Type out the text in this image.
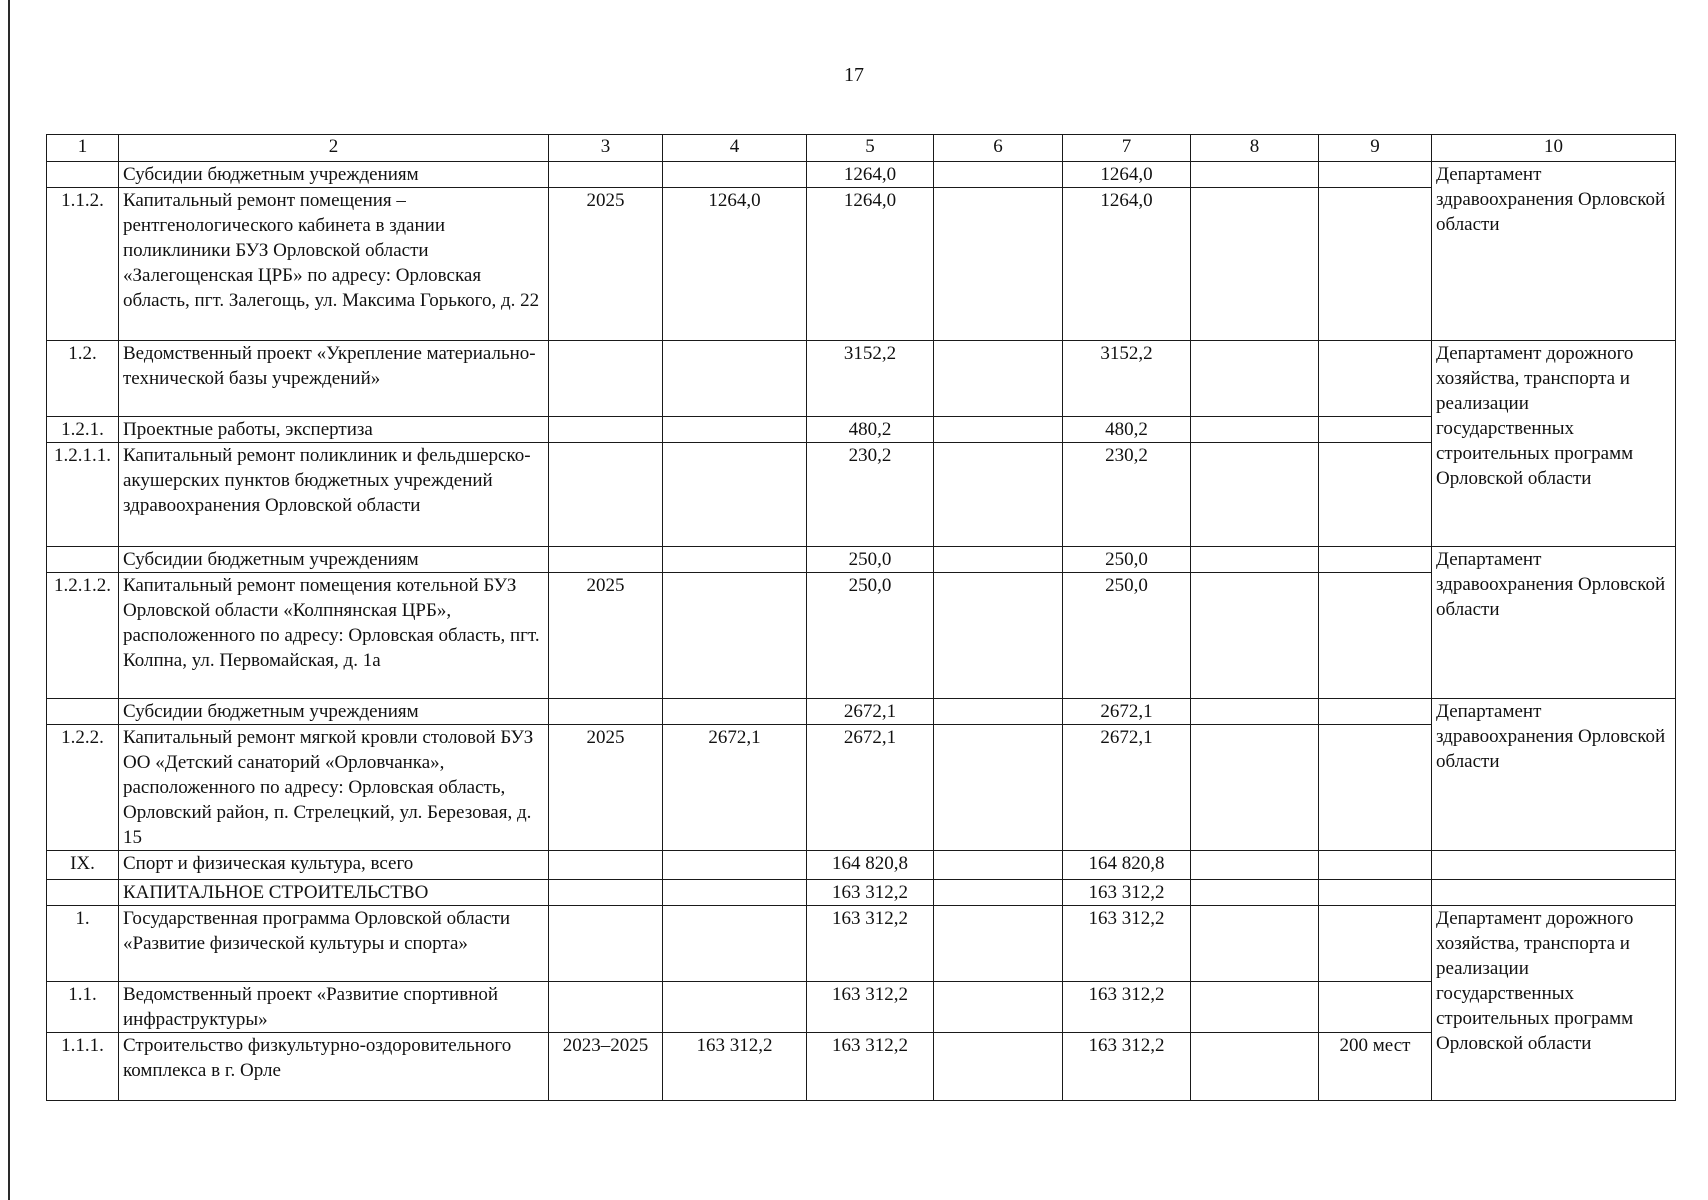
17
1	2	3	4	5	6	7	8	9	10
	Субсидии бюджетным учреждениям			1264,0		1264,0			Департамент здравоохранения Орловской области
1.1.2.	Капитальный ремонт помещения – рентгенологического кабинета в здании поликлиники БУЗ Орловской области «Залегощенская ЦРБ» по адресу: Орловская область, пгт. Залегощь, ул. Максима Горького, д. 22	2025	1264,0	1264,0		1264,0			
1.2.	Ведомственный проект «Укрепление материально-технической базы учреждений»			3152,2		3152,2			Департамент дорожного хозяйства, транспорта и реализации государственных строительных программ Орловской области
1.2.1.	Проектные работы, экспертиза			480,2		480,2			
1.2.1.1.	Капитальный ремонт поликлиник и фельдшерско-акушерских пунктов бюджетных учреждений здравоохранения Орловской области			230,2		230,2			
	Субсидии бюджетным учреждениям			250,0		250,0			Департамент здравоохранения Орловской области
1.2.1.2.	Капитальный ремонт помещения котельной БУЗ Орловской области «Колпнянская ЦРБ», расположенного по адресу: Орловская область, пгт. Колпна, ул. Первомайская, д. 1а	2025		250,0		250,0			
	Субсидии бюджетным учреждениям			2672,1		2672,1			Департамент здравоохранения Орловской области
1.2.2.	Капитальный ремонт мягкой кровли столовой БУЗ ОО «Детский санаторий «Орловчанка», расположенного по адресу: Орловская область, Орловский район, п. Стрелецкий, ул. Березовая, д. 15	2025	2672,1	2672,1		2672,1			
IX.	Спорт и физическая культура, всего			164 820,8		164 820,8			
	КАПИТАЛЬНОЕ СТРОИТЕЛЬСТВО			163 312,2		163 312,2			
1.	Государственная программа Орловской области «Развитие физической культуры и спорта»			163 312,2		163 312,2			Департамент дорожного хозяйства, транспорта и реализации государственных строительных программ Орловской области
1.1.	Ведомственный проект «Развитие спортивной инфраструктуры»			163 312,2		163 312,2			
1.1.1.	Строительство физкультурно-оздоровительного комплекса в г. Орле	2023–2025	163 312,2	163 312,2		163 312,2		200 мест	
